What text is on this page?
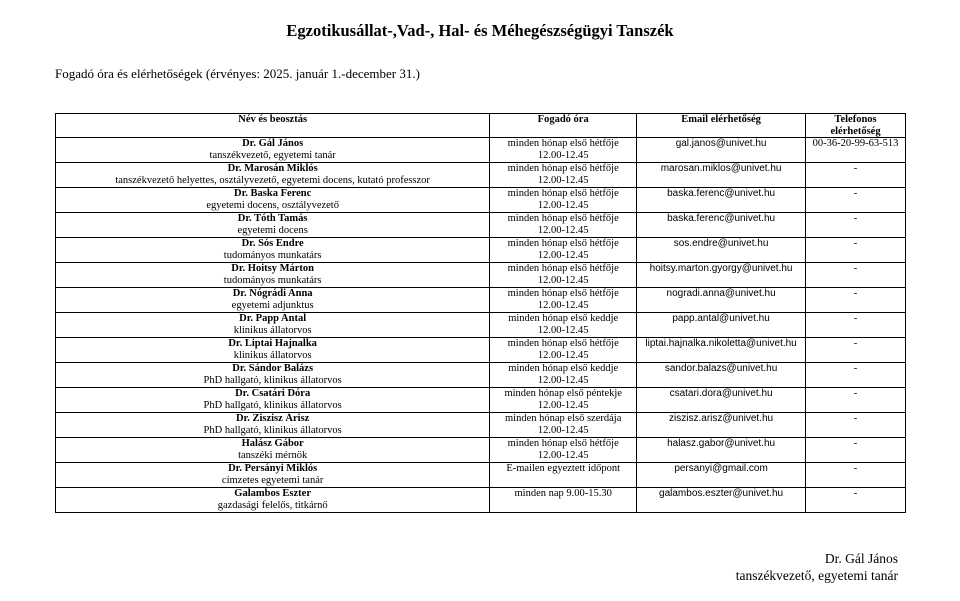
Egzotikusállat-,Vad-, Hal- és Méhegészségügyi Tanszék
Fogadó óra és elérhetőségek (érvényes: 2025. január 1.-december 31.)
Név és beosztás	Fogadó óra	Email elérhetőség	Telefonos elérhetőség

Dr. Gál János
tanszékvezető, egyetemi tanár	minden hónap első hétfője
12.00-12.45	gal.janos@univet.hu	00-36-20-99-63-513

Dr. Marosán Miklós
tanszékvezető helyettes, osztályvezető, egyetemi docens, kutató professzor	minden hónap első hétfője
12.00-12.45	marosan.miklos@univet.hu	-

Dr. Baska Ferenc
egyetemi docens, osztályvezető	minden hónap első hétfője
12.00-12.45	baska.ferenc@univet.hu	-

Dr. Tóth Tamás
egyetemi docens	minden hónap első hétfője
12.00-12.45	baska.ferenc@univet.hu	-

Dr. Sós Endre
tudományos munkatárs	minden hónap első hétfője
12.00-12.45	sos.endre@univet.hu	-

Dr. Hoitsy Márton
tudományos munkatárs	minden hónap első hétfője
12.00-12.45	hoitsy.marton.gyorgy@univet.hu	-

Dr. Nógrádi Anna
egyetemi adjunktus	minden hónap első hétfője
12.00-12.45	nogradi.anna@univet.hu	-

Dr. Papp Antal
klinikus állatorvos	minden hónap első keddje
12.00-12.45	papp.antal@univet.hu	-

Dr. Liptai Hajnalka
klinikus állatorvos	minden hónap első hétfője
12.00-12.45	liptai.hajnalka.nikoletta@univet.hu	-

Dr. Sándor Balázs
PhD hallgató, klinikus állatorvos	minden hónap első keddje
12.00-12.45	sandor.balazs@univet.hu	-

Dr. Csatári Dóra
PhD hallgató, klinikus állatorvos	minden hónap első péntekje
12.00-12.45	csatari.dora@univet.hu	-

Dr. Ziszisz Árisz
PhD hallgató, klinikus állatorvos	minden hónap első szerdája
12.00-12.45	ziszisz.arisz@univet.hu	-

Halász Gábor
tanszéki mérnök	minden hónap első hétfője
12.00-12.45	halasz.gabor@univet.hu	-

Dr. Persányi Miklós
címzetes egyetemi tanár	E-mailen egyeztett időpont	persanyi@gmail.com	-

Galambos Eszter
gazdasági felelős, titkárnő	minden nap 9.00-15.30	galambos.eszter@univet.hu	-
Dr. Gál János
tanszékvezető, egyetemi tanár
